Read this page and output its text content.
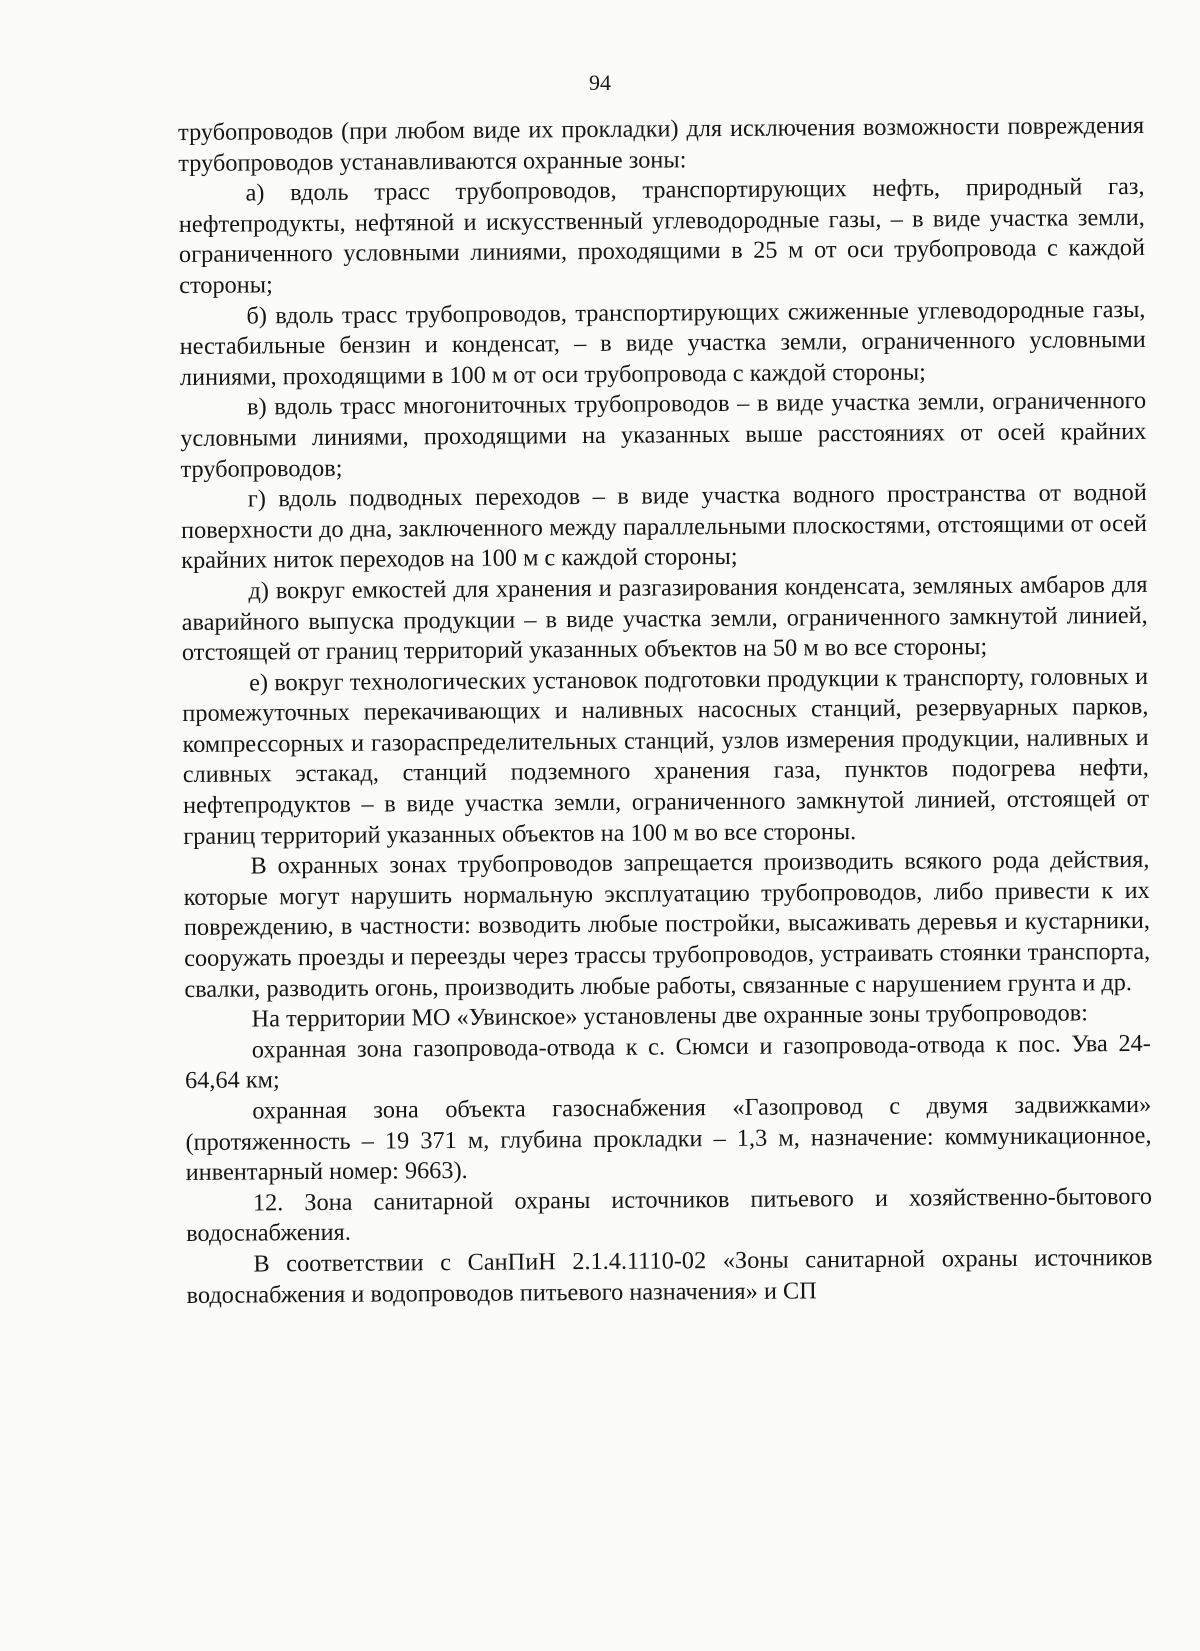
94

трубопроводов (при любом виде их прокладки) для исключения возможности повреждения трубопроводов устанавливаются охранные зоны:

а) вдоль трасс трубопроводов, транспортирующих нефть, природный газ, нефтепродукты, нефтяной и искусственный углеводородные газы, – в виде участка земли, ограниченного условными линиями, проходящими в 25 м от оси трубопровода с каждой стороны;

б) вдоль трасс трубопроводов, транспортирующих сжиженные углеводородные газы, нестабильные бензин и конденсат, – в виде участка земли, ограниченного условными линиями, проходящими в 100 м от оси трубопровода с каждой стороны;

в) вдоль трасс многониточных трубопроводов – в виде участка земли, ограниченного условными линиями, проходящими на указанных выше расстояниях от осей крайних трубопроводов;

г) вдоль подводных переходов – в виде участка водного пространства от водной поверхности до дна, заключенного между параллельными плоскостями, отстоящими от осей крайних ниток переходов на 100 м с каждой стороны;

д) вокруг емкостей для хранения и разгазирования конденсата, земляных амбаров для аварийного выпуска продукции – в виде участка земли, ограниченного замкнутой линией, отстоящей от границ территорий указанных объектов на 50 м во все стороны;

е) вокруг технологических установок подготовки продукции к транспорту, головных и промежуточных перекачивающих и наливных насосных станций, резервуарных парков, компрессорных и газораспределительных станций, узлов измерения продукции, наливных и сливных эстакад, станций подземного хранения газа, пунктов подогрева нефти, нефтепродуктов – в виде участка земли, ограниченного замкнутой линией, отстоящей от границ территорий указанных объектов на 100 м во все стороны.

В охранных зонах трубопроводов запрещается производить всякого рода действия, которые могут нарушить нормальную эксплуатацию трубопроводов, либо привести к их повреждению, в частности: возводить любые постройки, высаживать деревья и кустарники, сооружать проезды и переезды через трассы трубопроводов, устраивать стоянки транспорта, свалки, разводить огонь, производить любые работы, связанные с нарушением грунта и др.

На территории МО «Увинское» установлены две охранные зоны трубопроводов:

охранная зона газопровода-отвода к с. Сюмси и газопровода-отвода к пос. Ува 24-64,64 км;

охранная зона объекта газоснабжения «Газопровод с двумя задвижками» (протяженность – 19 371 м, глубина прокладки – 1,3 м, назначение: коммуникационное, инвентарный номер: 9663).

12. Зона санитарной охраны источников питьевого и хозяйственно-бытового водоснабжения.

В соответствии с СанПиН 2.1.4.1110-02 «Зоны санитарной охраны источников водоснабжения и водопроводов питьевого назначения» и СП
